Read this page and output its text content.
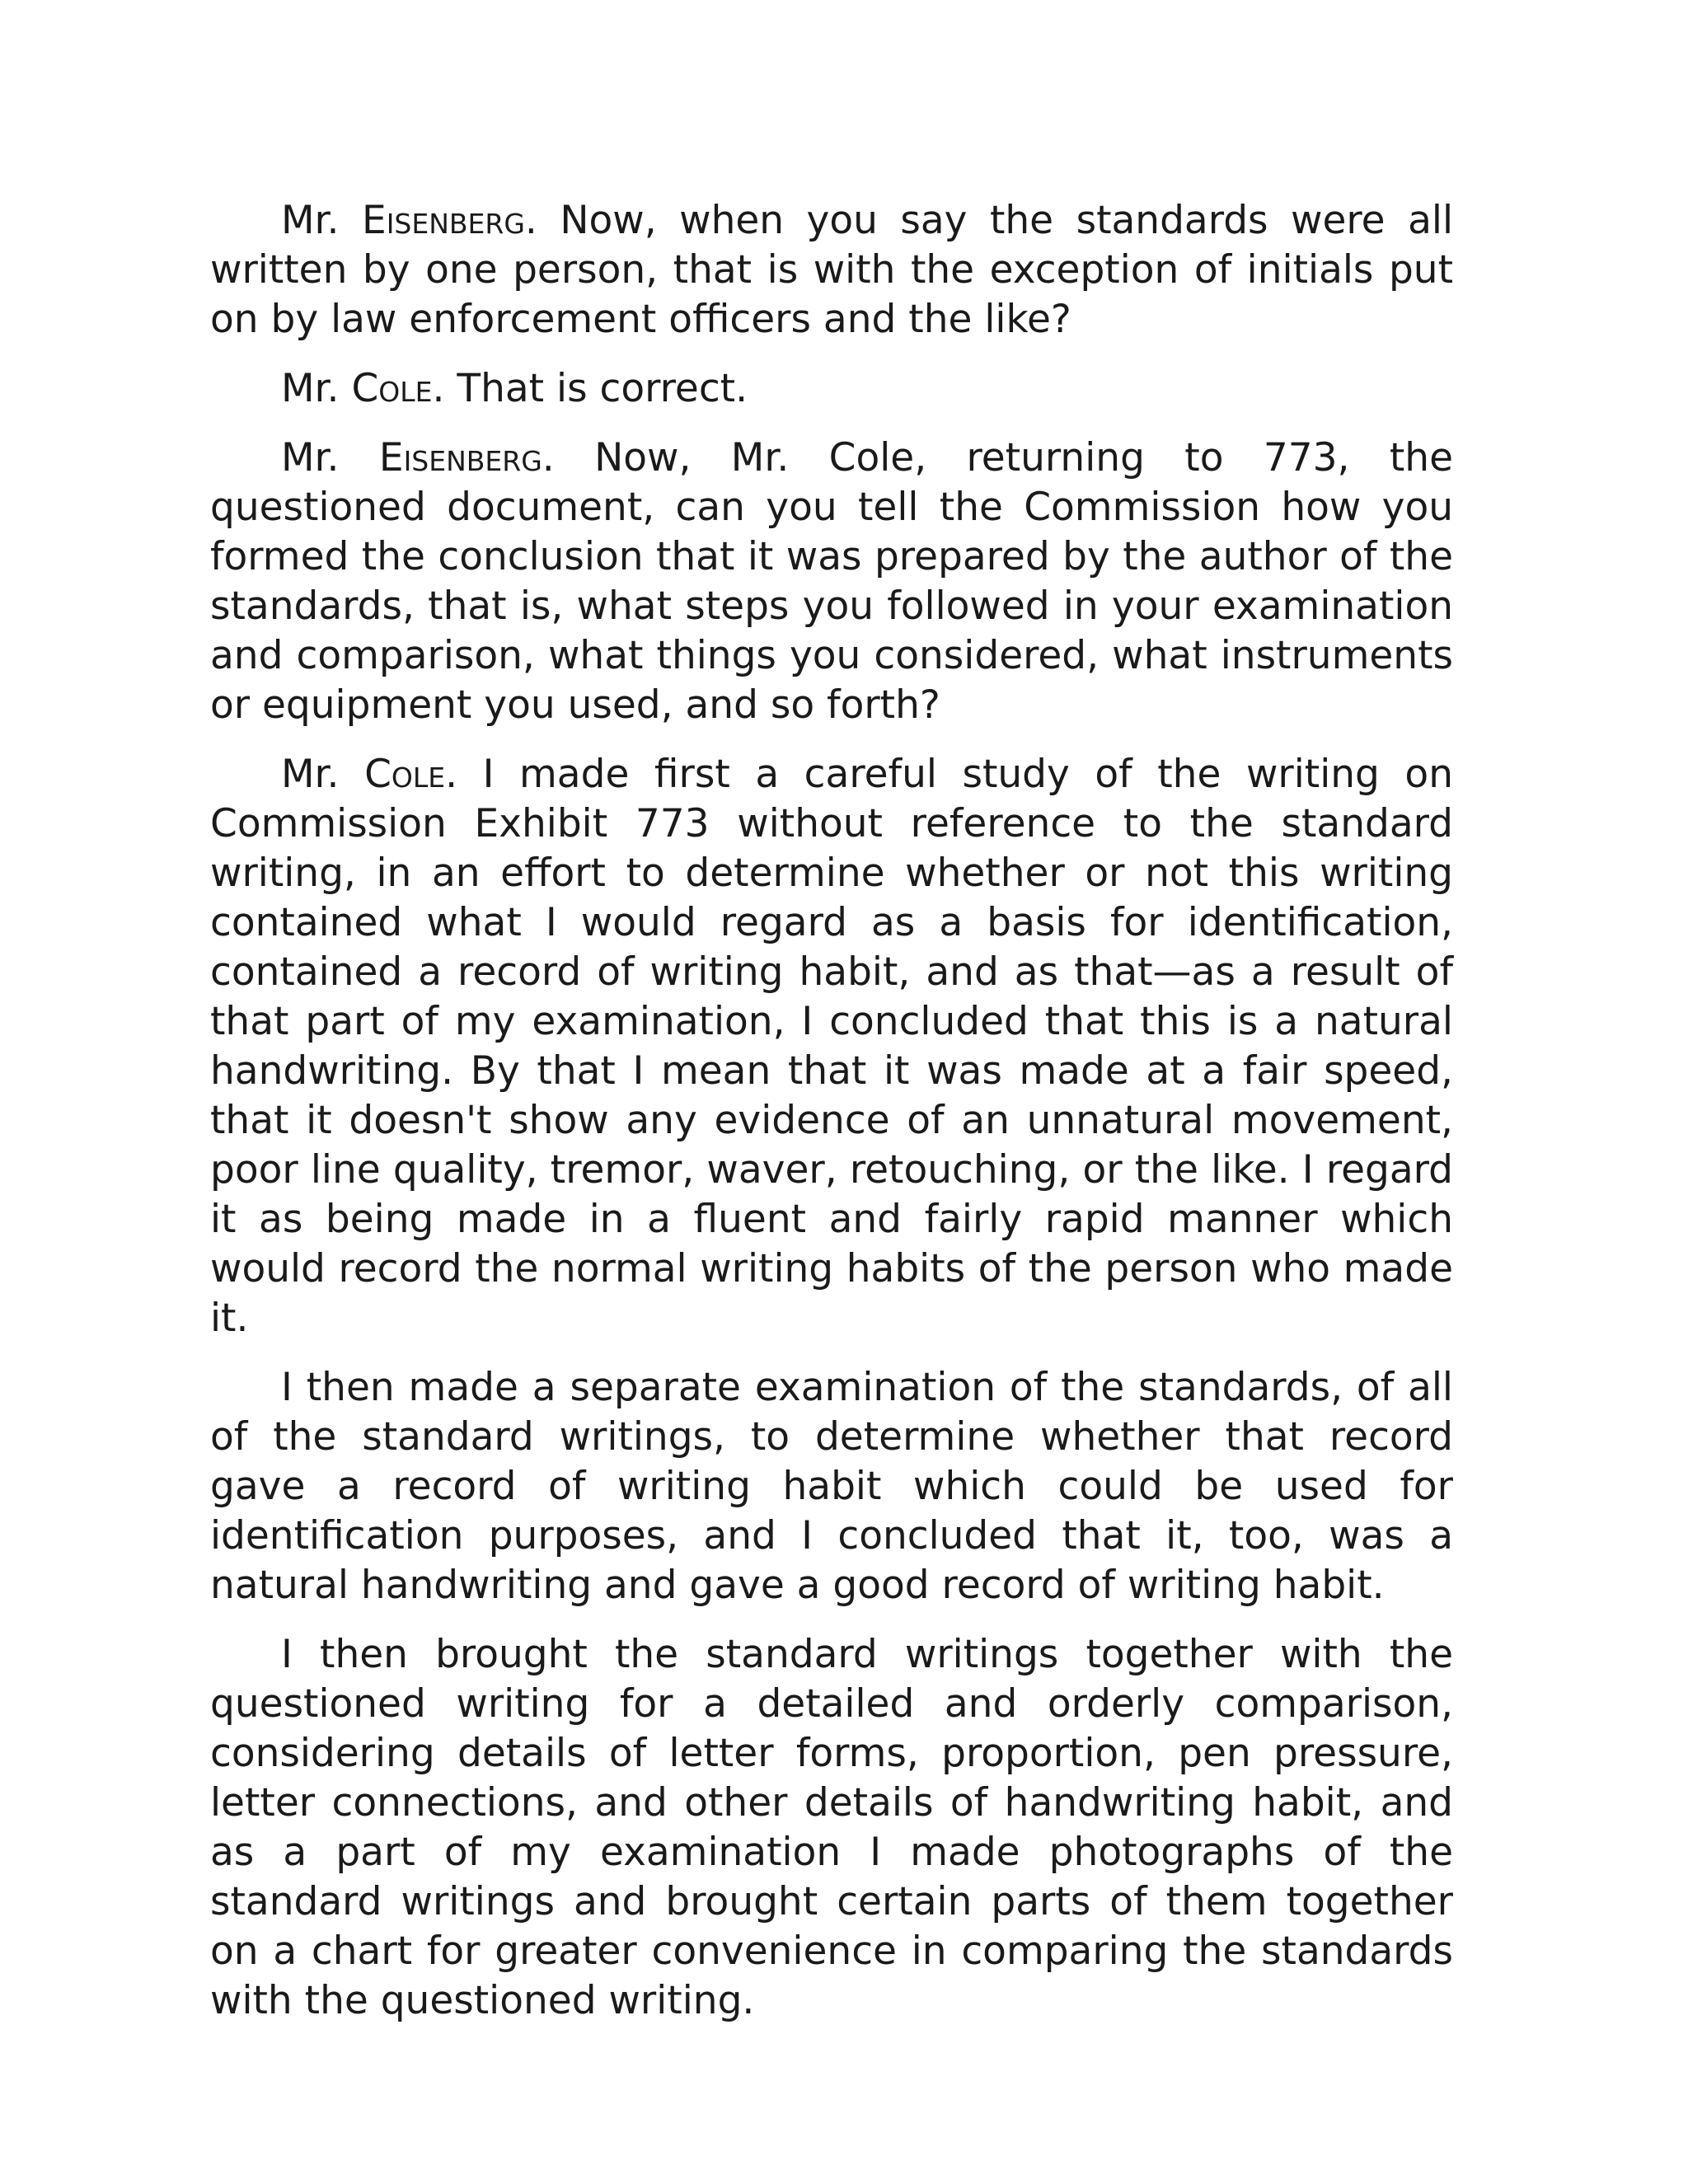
Mr. Eisenberg. Now, when you say the standards were all written by one person, that is with the exception of initials put on by law enforcement officers and the like?

Mr. Cole. That is correct.

Mr. Eisenberg. Now, Mr. Cole, returning to 773, the questioned document, can you tell the Commission how you formed the conclusion that it was prepared by the author of the standards, that is, what steps you followed in your examination and comparison, what things you considered, what instruments or equipment you used, and so forth?

Mr. Cole. I made first a careful study of the writing on Commission Exhibit 773 without reference to the standard writing, in an effort to determine whether or not this writing contained what I would regard as a basis for identification, contained a record of writing habit, and as that—as a result of that part of my examination, I concluded that this is a natural handwriting. By that I mean that it was made at a fair speed, that it doesn't show any evidence of an unnatural movement, poor line quality, tremor, waver, retouching, or the like. I regard it as being made in a fluent and fairly rapid manner which would record the normal writing habits of the person who made it.

I then made a separate examination of the standards, of all of the standard writings, to determine whether that record gave a record of writing habit which could be used for identification purposes, and I concluded that it, too, was a natural handwriting and gave a good record of writing habit.

I then brought the standard writings together with the questioned writing for a detailed and orderly comparison, considering details of letter forms, proportion, pen pressure, letter connections, and other details of handwriting habit, and as a part of my examination I made photographs of the standard writings and brought certain parts of them together on a chart for greater convenience in comparing the standards with the questioned writing.
